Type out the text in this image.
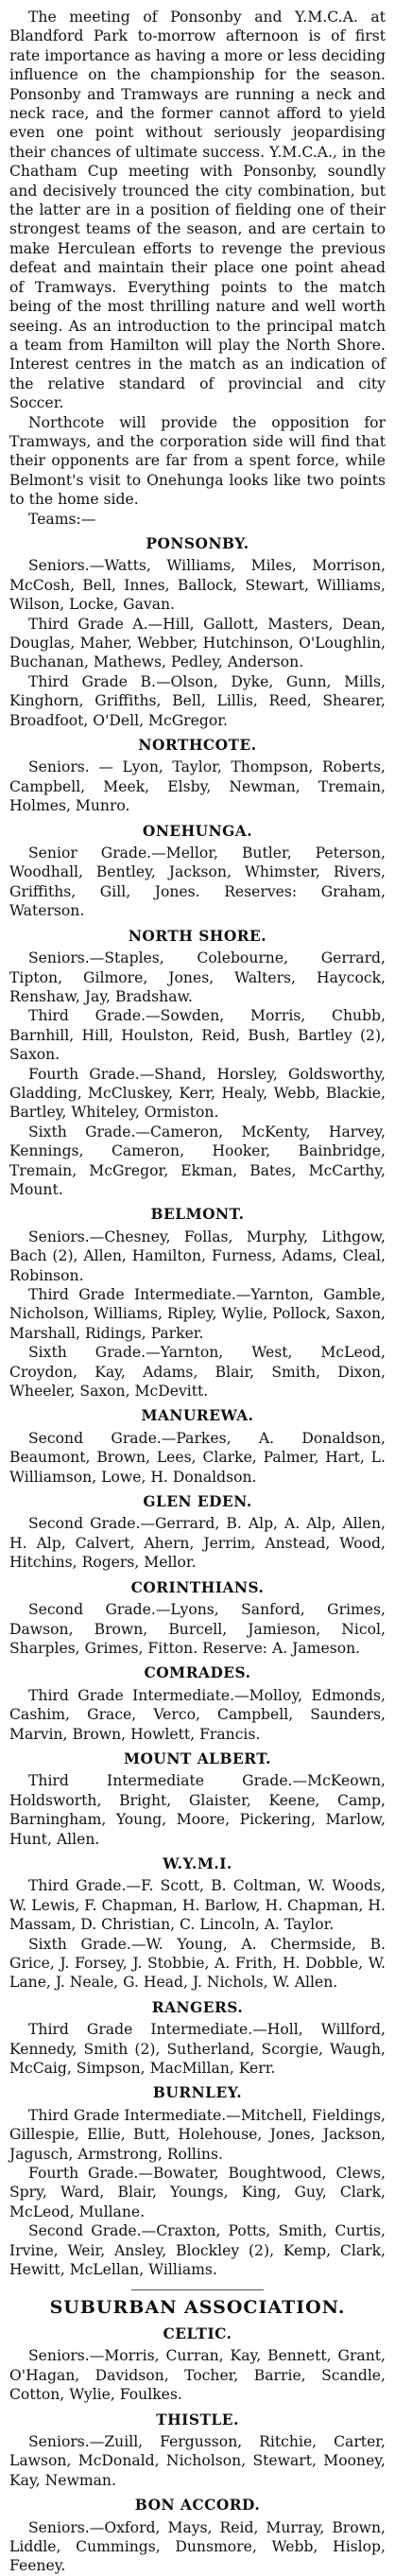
The meeting of Ponsonby and Y.M.C.A. at Blandford Park to-morrow afternoon is of first rate importance as having a more or less deciding influence on the championship for the season. Ponsonby and Tramways are running a neck and neck race, and the former cannot afford to yield even one point without seriously jeopardising their chances of ultimate success. Y.M.C.A., in the Chatham Cup meeting with Ponsonby, soundly and decisively trounced the city combination, but the latter are in a position of fielding one of their strongest teams of the season, and are certain to make Herculean efforts to revenge the previous defeat and maintain their place one point ahead of Tramways. Everything points to the match being of the most thrilling nature and well worth seeing. As an introduction to the principal match a team from Hamilton will play the North Shore. Interest centres in the match as an indication of the relative standard of provincial and city Soccer.

Northcote will provide the opposition for Tramways, and the corporation side will find that their opponents are far from a spent force, while Belmont's visit to Onehunga looks like two points to the home side.

Teams:—

PONSONBY.

Seniors.—Watts, Williams, Miles, Morrison, McCosh, Bell, Innes, Ballock, Stewart, Williams, Wilson, Locke, Gavan.

Third Grade A.—Hill, Gallott, Masters, Dean, Douglas, Maher, Webber, Hutchinson, O'Loughlin, Buchanan, Mathews, Pedley, Anderson.

Third Grade B.—Olson, Dyke, Gunn, Mills, Kinghorn, Griffiths, Bell, Lillis, Reed, Shearer, Broadfoot, O'Dell, McGregor.

NORTHCOTE.

Seniors. — Lyon, Taylor, Thompson, Roberts, Campbell, Meek, Elsby, Newman, Tremain, Holmes, Munro.

ONEHUNGA.

Senior Grade.—Mellor, Butler, Peterson, Woodhall, Bentley, Jackson, Whimster, Rivers, Griffiths, Gill, Jones. Reserves: Graham, Waterson.

NORTH SHORE.

Seniors.—Staples, Colebourne, Gerrard, Tipton, Gilmore, Jones, Walters, Haycock, Renshaw, Jay, Bradshaw.

Third Grade.—Sowden, Morris, Chubb, Barnhill, Hill, Houlston, Reid, Bush, Bartley (2), Saxon.

Fourth Grade.—Shand, Horsley, Goldsworthy, Gladding, McCluskey, Kerr, Healy, Webb, Blackie, Bartley, Whiteley, Ormiston.

Sixth Grade.—Cameron, McKenty, Harvey, Kennings, Cameron, Hooker, Bainbridge, Tremain, McGregor, Ekman, Bates, McCarthy, Mount.

BELMONT.

Seniors.—Chesney, Follas, Murphy, Lithgow, Bach (2), Allen, Hamilton, Furness, Adams, Cleal, Robinson.

Third Grade Intermediate.—Yarnton, Gamble, Nicholson, Williams, Ripley, Wylie, Pollock, Saxon, Marshall, Ridings, Parker.

Sixth Grade.—Yarnton, West, McLeod, Croydon, Kay, Adams, Blair, Smith, Dixon, Wheeler, Saxon, McDevitt.

MANUREWA.

Second Grade.—Parkes, A. Donaldson, Beaumont, Brown, Lees, Clarke, Palmer, Hart, L. Williamson, Lowe, H. Donaldson.

GLEN EDEN.

Second Grade.—Gerrard, B. Alp, A. Alp, Allen, H. Alp, Calvert, Ahern, Jerrim, Anstead, Wood, Hitchins, Rogers, Mellor.

CORINTHIANS.

Second Grade.—Lyons, Sanford, Grimes, Dawson, Brown, Burcell, Jamieson, Nicol, Sharples, Grimes, Fitton. Reserve: A. Jameson.

COMRADES.

Third Grade Intermediate.—Molloy, Edmonds, Cashim, Grace, Verco, Campbell, Saunders, Marvin, Brown, Howlett, Francis.

MOUNT ALBERT.

Third Intermediate Grade.—McKeown, Holdsworth, Bright, Glaister, Keene, Camp, Barningham, Young, Moore, Pickering, Marlow, Hunt, Allen.

W.Y.M.I.

Third Grade.—F. Scott, B. Coltman, W. Woods, W. Lewis, F. Chapman, H. Barlow, H. Chapman, H. Massam, D. Christian, C. Lincoln, A. Taylor.

Sixth Grade.—W. Young, A. Chermside, B. Grice, J. Forsey, J. Stobbie, A. Frith, H. Dobble, W. Lane, J. Neale, G. Head, J. Nichols, W. Allen.

RANGERS.

Third Grade Intermediate.—Holl, Willford, Kennedy, Smith (2), Sutherland, Scorgie, Waugh, McCaig, Simpson, MacMillan, Kerr.

BURNLEY.

Third Grade Intermediate.—Mitchell, Fieldings, Gillespie, Ellie, Butt, Holehouse, Jones, Jackson, Jagusch, Armstrong, Rollins.

Fourth Grade.—Bowater, Boughtwood, Clews, Spry, Ward, Blair, Youngs, King, Guy, Clark, McLeod, Mullane.

Second Grade.—Craxton, Potts, Smith, Curtis, Irvine, Weir, Ansley, Blockley (2), Kemp, Clark, Hewitt, McLellan, Williams.

SUBURBAN ASSOCIATION.
CELTIC.

Seniors.—Morris, Curran, Kay, Bennett, Grant, O'Hagan, Davidson, Tocher, Barrie, Scandle, Cotton, Wylie, Foulkes.

THISTLE.

Seniors.—Zuill, Fergusson, Ritchie, Carter, Lawson, McDonald, Nicholson, Stewart, Mooney, Kay, Newman.

BON ACCORD.

Seniors.—Oxford, Mays, Reid, Murray, Brown, Liddle, Cummings, Dunsmore, Webb, Hislop, Feeney.
